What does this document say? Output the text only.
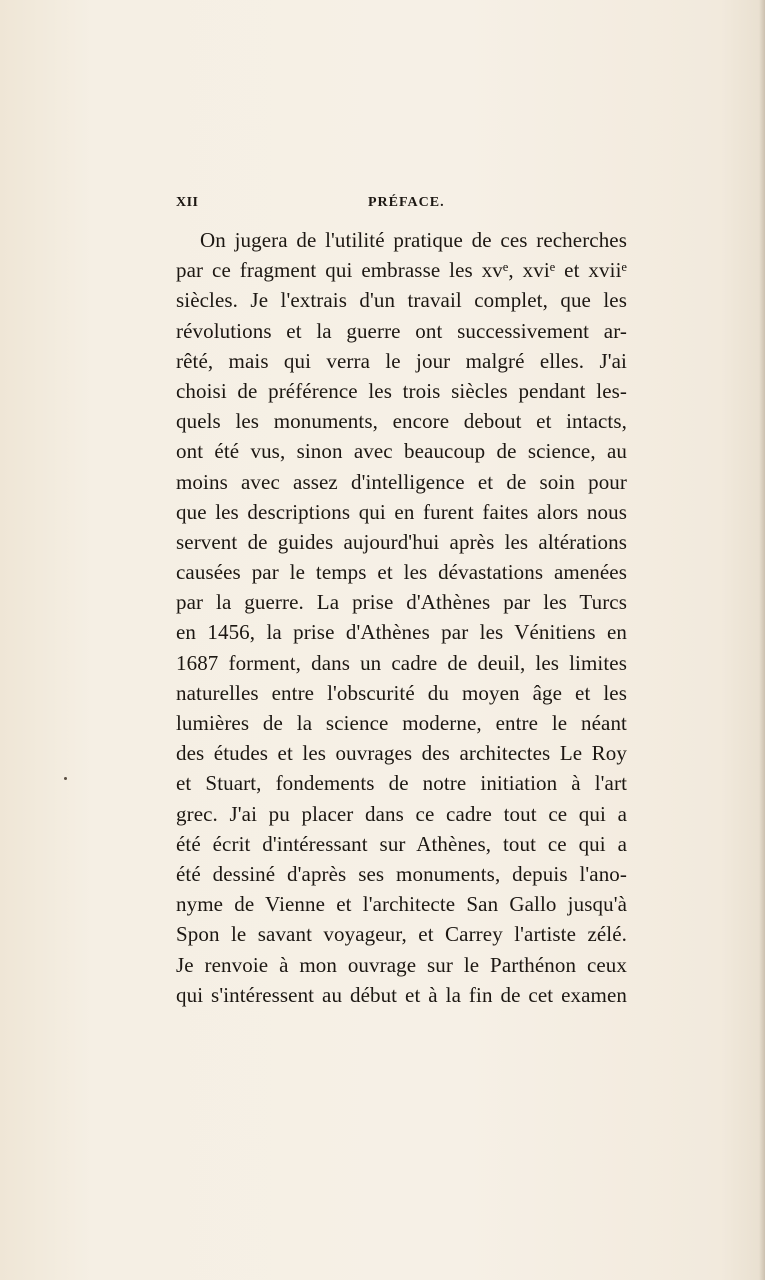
XII	PRÉFACE.
On jugera de l'utilité pratique de ces recherches
par ce fragment qui embrasse les xvᵉ, xviᵉ et xviiᵉ
siècles. Je l'extrais d'un travail complet, que les
révolutions et la guerre ont successivement ar-
rêté, mais qui verra le jour malgré elles. J'ai
choisi de préférence les trois siècles pendant les-
quels les monuments, encore debout et intacts,
ont été vus, sinon avec beaucoup de science, au
moins avec assez d'intelligence et de soin pour
que les descriptions qui en furent faites alors nous
servent de guides aujourd'hui après les altérations
causées par le temps et les dévastations amenées
par la guerre. La prise d'Athènes par les Turcs
en 1456, la prise d'Athènes par les Vénitiens en
1687 forment, dans un cadre de deuil, les limites
naturelles entre l'obscurité du moyen âge et les
lumières de la science moderne, entre le néant
des études et les ouvrages des architectes Le Roy
et Stuart, fondements de notre initiation à l'art
grec. J'ai pu placer dans ce cadre tout ce qui a
été écrit d'intéressant sur Athènes, tout ce qui a
été dessiné d'après ses monuments, depuis l'ano-
nyme de Vienne et l'architecte San Gallo jusqu'à
Spon le savant voyageur, et Carrey l'artiste zélé.
Je renvoie à mon ouvrage sur le Parthénon ceux
qui s'intéressent au début et à la fin de cet examen
